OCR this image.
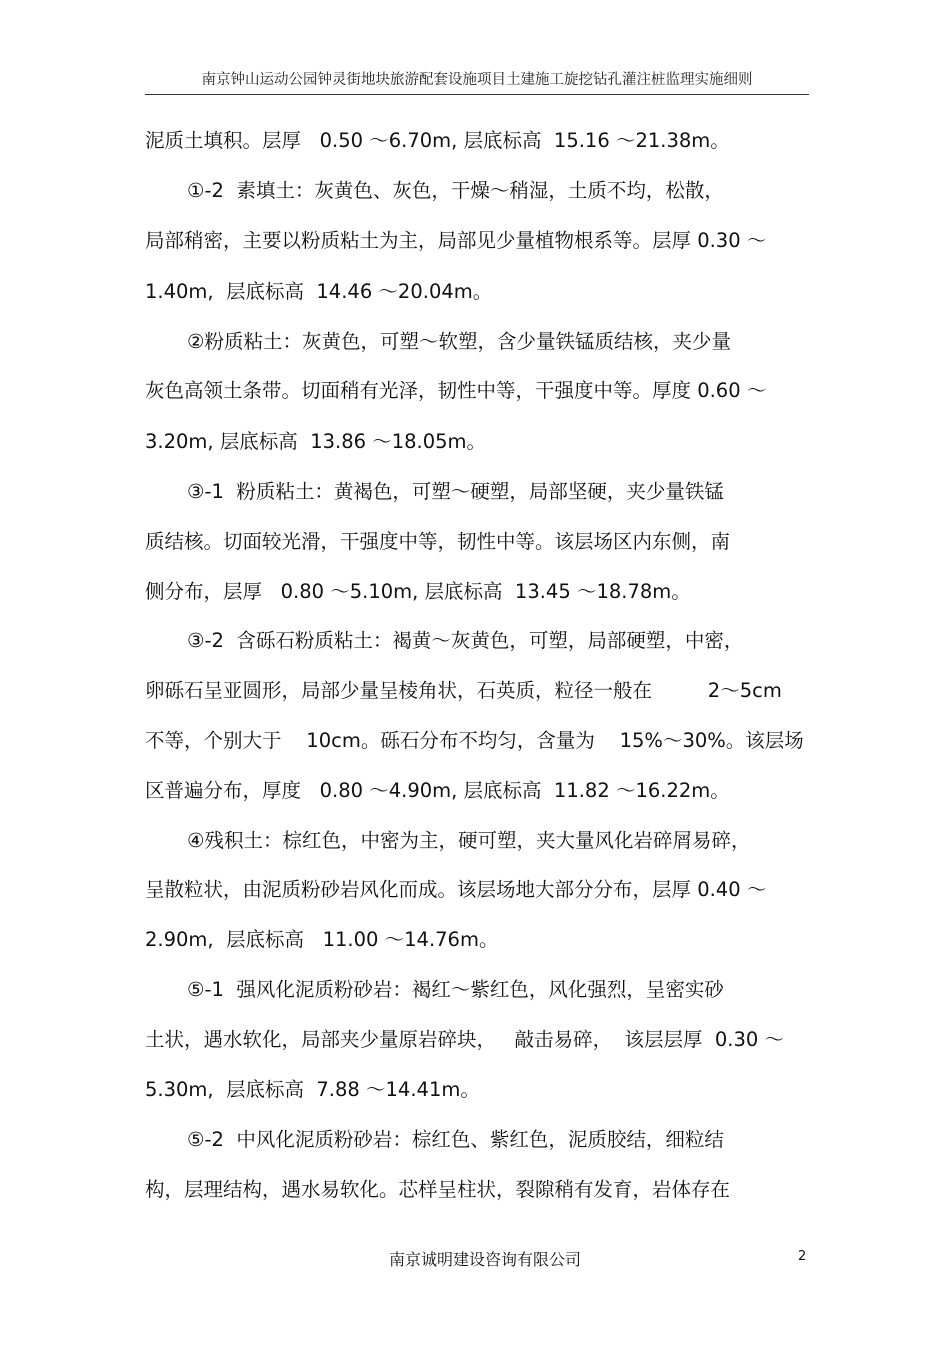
南京钟山运动公园钟灵街地块旅游配套设施项目土建施工旋挖钻孔灌注桩监理实施细则
泥质土填积。层厚   0.50 ～6.70m, 层底标高  15.16 ～21.38m。
①-2  素填土：灰黄色、灰色，干燥～稍湿，土质不均，松散，
局部稍密，主要以粉质粘土为主，局部见少量植物根系等。层厚 0.30 ～
1.40m,  层底标高  14.46 ～20.04m。
②粉质粘土：灰黄色，可塑～软塑，含少量铁锰质结核，夹少量
灰色高领土条带。切面稍有光泽，韧性中等，干强度中等。厚度 0.60 ～
3.20m, 层底标高  13.86 ～18.05m。
③-1  粉质粘土：黄褐色，可塑～硬塑，局部坚硬，夹少量铁锰
质结核。切面较光滑，干强度中等，韧性中等。该层场区内东侧，南
侧分布，层厚   0.80 ～5.10m, 层底标高  13.45 ～18.78m。
③-2  含砾石粉质粘土：褐黄～灰黄色，可塑，局部硬塑，中密，
卵砾石呈亚圆形，局部少量呈棱角状，石英质，粒径一般在         2～5cm
不等，个别大于    10cm。砾石分布不均匀，含量为    15%～30%。该层场
区普遍分布，厚度   0.80 ～4.90m, 层底标高  11.82 ～16.22m。
④残积土：棕红色，中密为主，硬可塑，夹大量风化岩碎屑易碎，
呈散粒状，由泥质粉砂岩风化而成。该层场地大部分分布，层厚 0.40 ～
2.90m,  层底标高   11.00 ～14.76m。
⑤-1  强风化泥质粉砂岩：褐红～紫红色，风化强烈，呈密实砂
土状，遇水软化，局部夹少量原岩碎块，   敲击易碎，  该层层厚  0.30 ～
5.30m,  层底标高  7.88 ～14.41m。
⑤-2  中风化泥质粉砂岩：棕红色、紫红色，泥质胶结，细粒结
构，层理结构，遇水易软化。芯样呈柱状，裂隙稍有发育，岩体存在
南京诚明建设咨询有限公司	2
